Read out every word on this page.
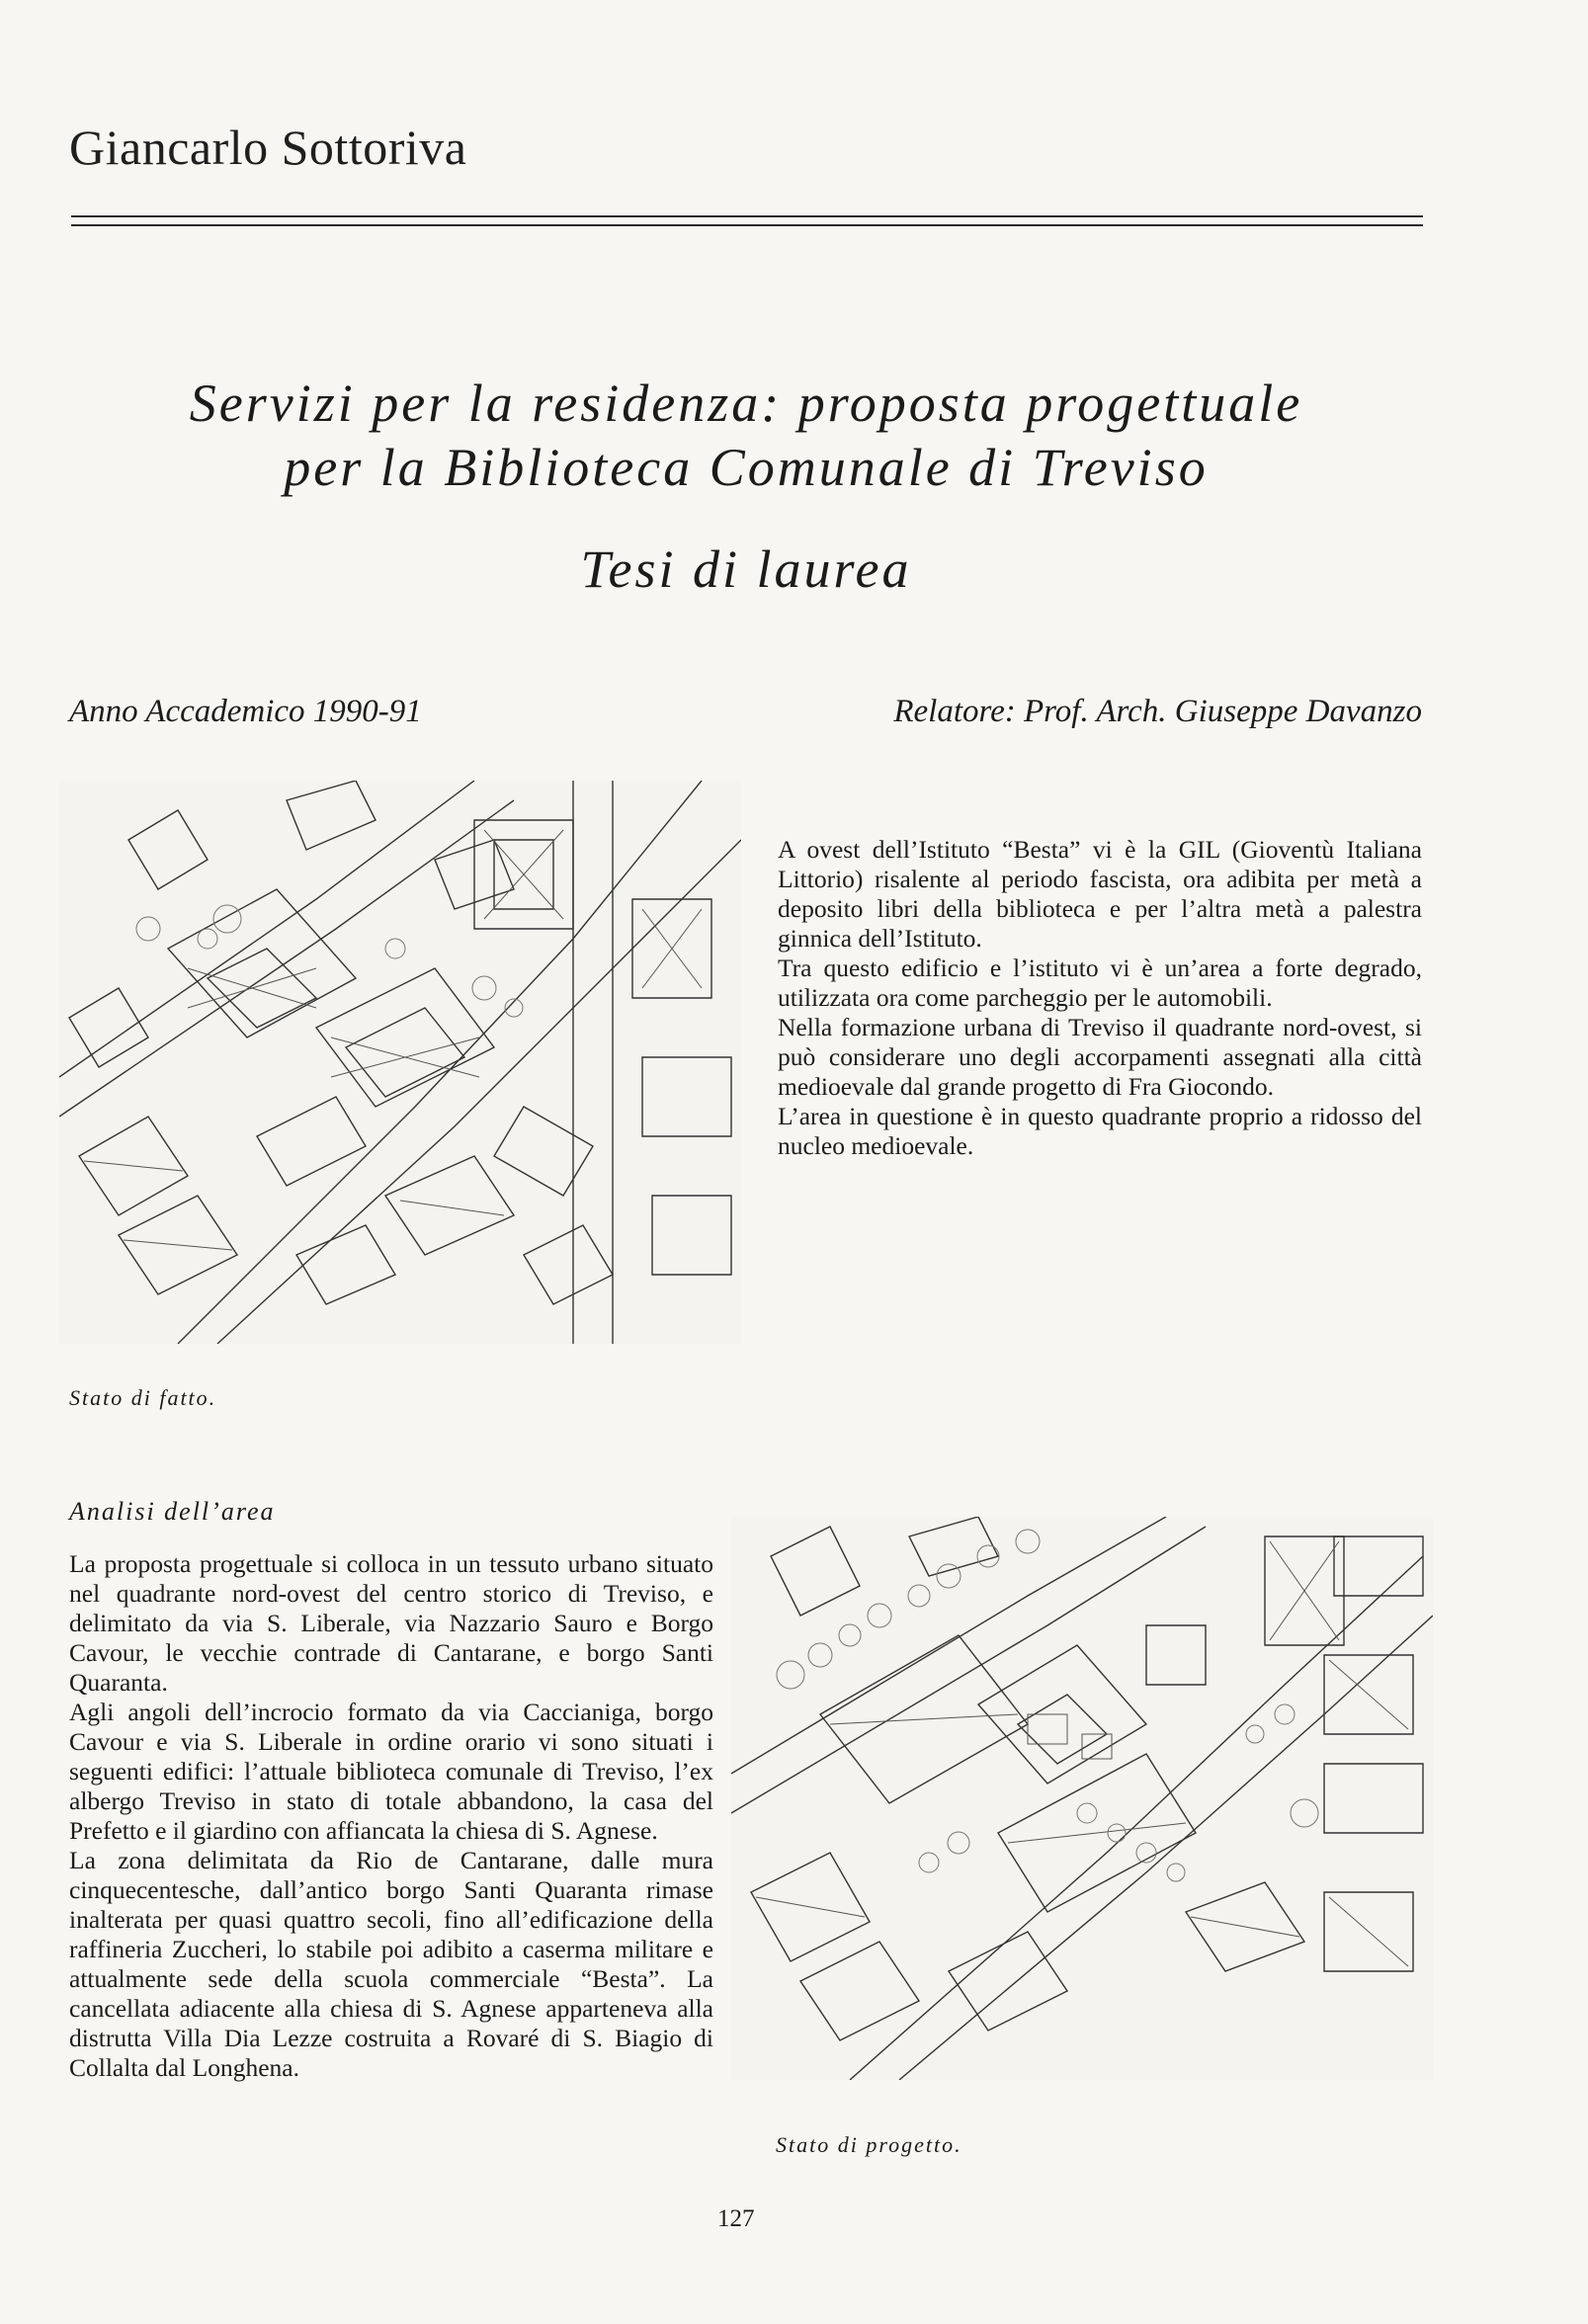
Giancarlo Sottoriva
Servizi per la residenza: proposta progettuale
per la Biblioteca Comunale di Treviso
Tesi di laurea
Anno Accademico 1990-91	Relatore: Prof. Arch. Giuseppe Davanzo

A ovest dell’Istituto “Besta” vi è la GIL (Gioventù Italiana Littorio) risalente al periodo fascista, ora adibita per metà a deposito libri della biblioteca e per l’altra metà a palestra ginnica dell’Istituto.

Tra questo edificio e l’istituto vi è un’area a forte degrado, utilizzata ora come parcheggio per le automobili.

Nella formazione urbana di Treviso il quadrante nord-ovest, si può considerare uno degli accorpamenti assegnati alla città medioevale dal grande progetto di Fra Giocondo.

L’area in questione è in questo quadrante proprio a ridosso del nucleo medioevale.

Stato di fatto.
Analisi dell’area

La proposta progettuale si colloca in un tessuto urbano situato nel quadrante nord-ovest del centro storico di Treviso, e delimitato da via S. Liberale, via Nazzario Sauro e Borgo Cavour, le vecchie contrade di Cantarane, e borgo Santi Quaranta.

Agli angoli dell’incrocio formato da via Caccianiga, borgo Cavour e via S. Liberale in ordine orario vi sono situati i seguenti edifici: l’attuale biblioteca comunale di Treviso, l’ex albergo Treviso in stato di totale abbandono, la casa del Prefetto e il giardino con affiancata la chiesa di S. Agnese.

La zona delimitata da Rio de Cantarane, dalle mura cinquecentesche, dall’antico borgo Santi Quaranta rimase inalterata per quasi quattro secoli, fino all’edificazione della raffineria Zuccheri, lo stabile poi adibito a caserma militare e attualmente sede della scuola commerciale “Besta”. La cancellata adiacente alla chiesa di S. Agnese apparteneva alla distrutta Villa Dia Lezze costruita a Rovaré di S. Biagio di Collalta dal Longhena.

Stato di progetto.
127
